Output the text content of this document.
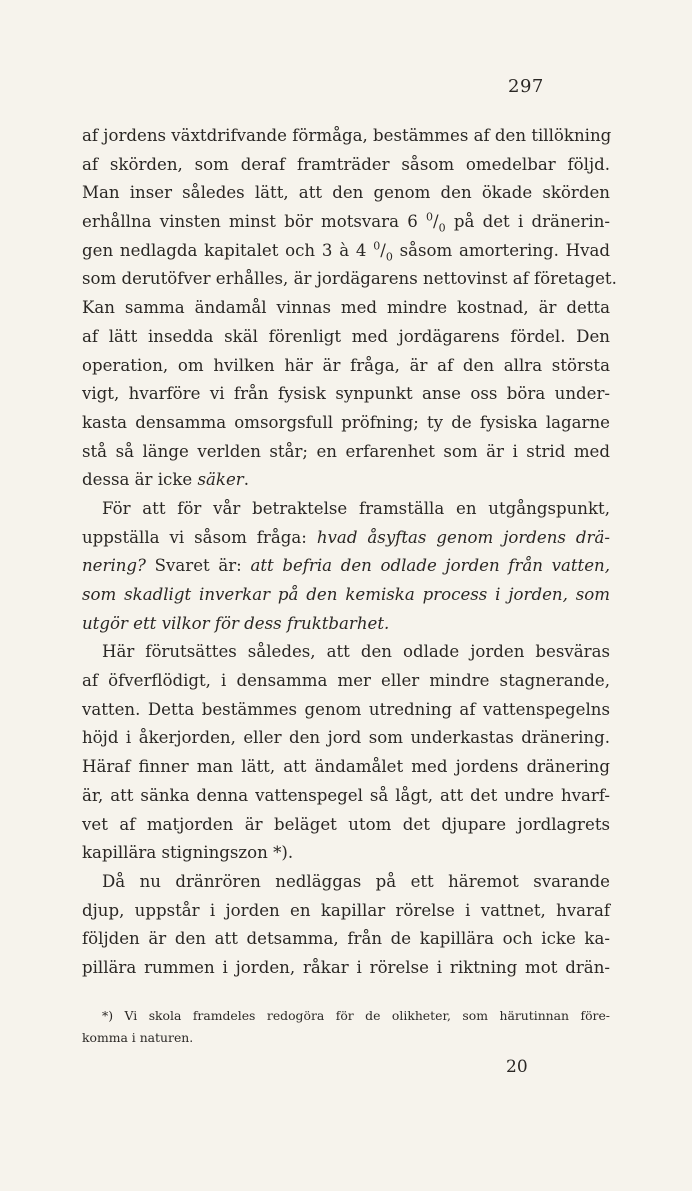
297
af jordens växtdrifvande förmåga, bestämmes af den tillökning
af skörden, som deraf framträder såsom omedelbar följd.
Man inser således lätt, att den genom den ökade skörden
erhållna vinsten minst bör motsvara 6 $^0/_0$ på det i dränerin-
gen nedlagda kapitalet och 3 à 4 $^0/_0$ såsom amortering. Hvad
som derutöfver erhålles, är jordägarens nettovinst af företaget.
Kan samma ändamål vinnas med mindre kostnad, är detta
af lätt insedda skäl förenligt med jordägarens fördel. Den
operation, om hvilken här är fråga, är af den allra största
vigt, hvarföre vi från fysisk synpunkt anse oss böra under-
kasta densamma omsorgsfull pröfning; ty de fysiska lagarne
stå så länge verlden står; en erfarenhet som är i strid med
dessa är icke säker.
För att för vår betraktelse framställa en utgångspunkt,
uppställa vi såsom fråga: hvad åsyftas genom jordens drä-
nering? Svaret är: att befria den odlade jorden från vatten,
som skadligt inverkar på den kemiska process i jorden, som
utgör ett vilkor för dess fruktbarhet.
Här förutsättes således, att den odlade jorden besväras
af öfverflödigt, i densamma mer eller mindre stagnerande,
vatten. Detta bestämmes genom utredning af vattenspegelns
höjd i åkerjorden, eller den jord som underkastas dränering.
Häraf finner man lätt, att ändamålet med jordens dränering
är, att sänka denna vattenspegel så lågt, att det undre hvarf-
vet af matjorden är beläget utom det djupare jordlagrets
kapillära stigningszon *).
Då nu dränrören nedläggas på ett häremot svarande
djup, uppstår i jorden en kapillar rörelse i vattnet, hvaraf
följden är den att detsamma, från de kapillära och icke ka-
pillära rummen i jorden, råkar i rörelse i riktning mot drän-
*) Vi skola framdeles redogöra för de olikheter, som härutinnan före-
komma i naturen.
20
